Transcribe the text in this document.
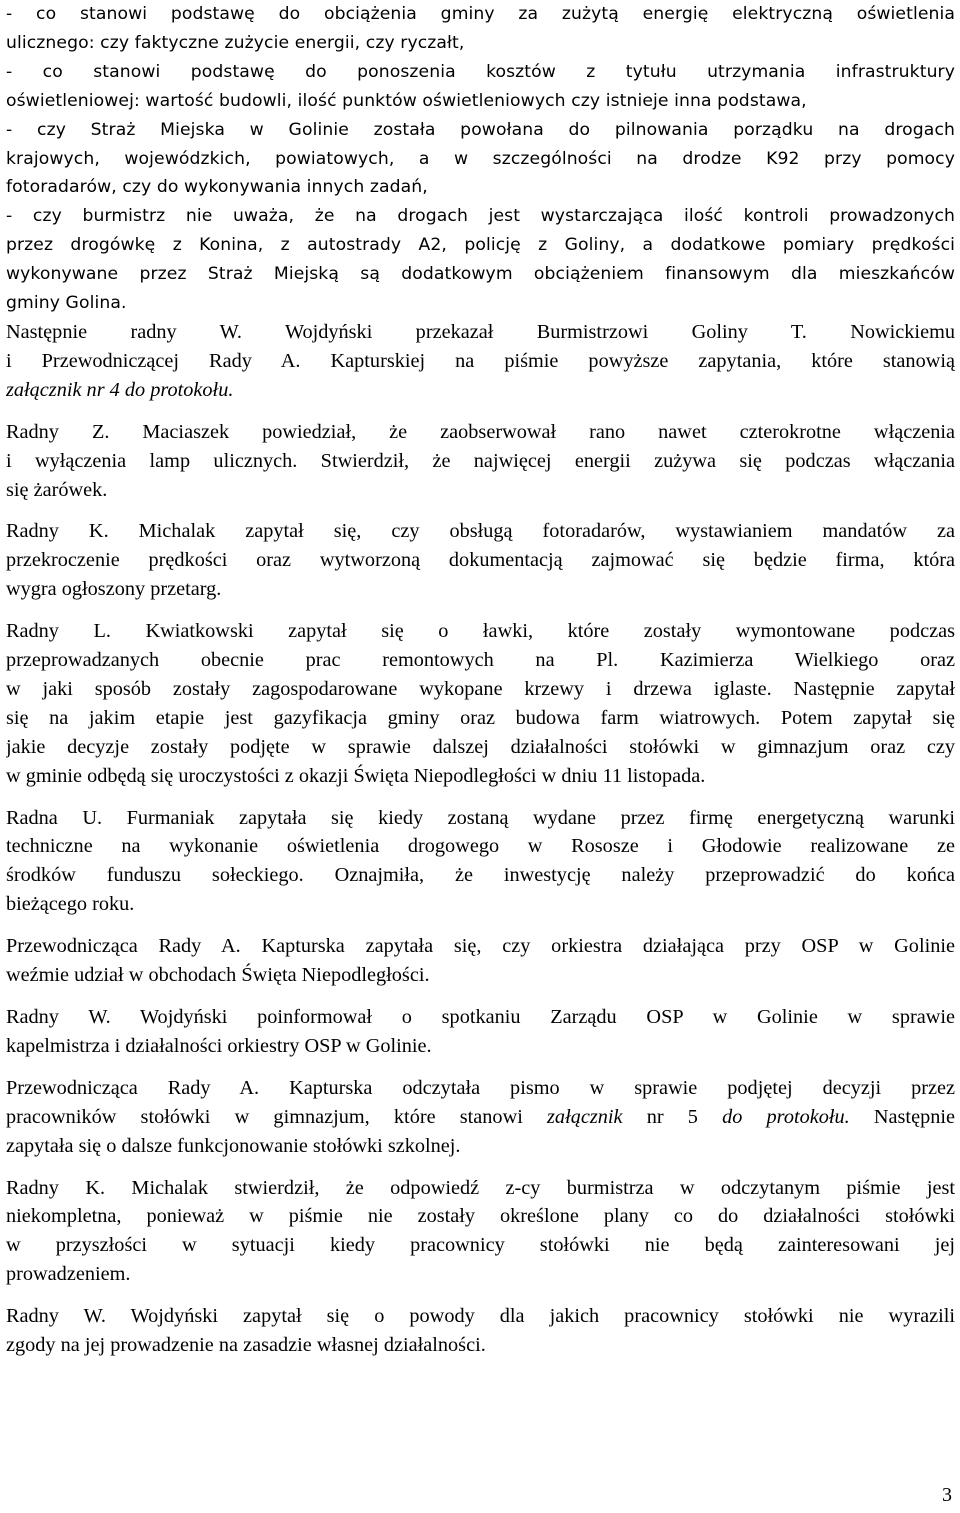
- co stanowi podstawę do obciążenia gminy za zużytą energię elektryczną oświetlenia
ulicznego: czy faktyczne zużycie energii, czy ryczałt,
- co stanowi podstawę do ponoszenia kosztów z tytułu utrzymania infrastruktury
oświetleniowej: wartość budowli, ilość punktów oświetleniowych czy istnieje inna podstawa,
- czy Straż Miejska w Golinie została powołana do pilnowania porządku na drogach
krajowych, wojewódzkich, powiatowych, a w szczególności na drodze K92 przy pomocy
fotoradarów, czy do wykonywania innych zadań,
- czy burmistrz nie uważa, że na drogach jest wystarczająca ilość kontroli prowadzonych
przez drogówkę z Konina, z autostrady A2, policję z Goliny, a dodatkowe pomiary prędkości
wykonywane przez Straż Miejską są dodatkowym obciążeniem finansowym dla mieszkańców
gminy Golina.
Następnie radny W. Wojdyński przekazał Burmistrzowi Goliny T. Nowickiemu
i Przewodniczącej Rady A. Kapturskiej na piśmie powyższe zapytania, które stanowią
załącznik nr 4 do protokołu.
Radny Z. Maciaszek powiedział, że zaobserwował rano nawet czterokrotne włączenia
i wyłączenia lamp ulicznych. Stwierdził, że najwięcej energii zużywa się podczas włączania
się żarówek.
Radny K. Michalak zapytał się, czy obsługą fotoradarów, wystawianiem mandatów za
przekroczenie prędkości oraz wytworzoną dokumentacją zajmować się będzie firma, która
wygra ogłoszony przetarg.
Radny L. Kwiatkowski zapytał się o ławki, które zostały wymontowane podczas
przeprowadzanych obecnie prac remontowych na Pl. Kazimierza Wielkiego oraz
w jaki sposób zostały zagospodarowane wykopane krzewy i drzewa iglaste. Następnie zapytał
się na jakim etapie jest gazyfikacja gminy oraz budowa farm wiatrowych. Potem zapytał się
jakie decyzje zostały podjęte w sprawie dalszej działalności stołówki w gimnazjum oraz czy
w gminie odbędą się uroczystości z okazji Święta Niepodległości w dniu 11 listopada.
Radna U. Furmaniak zapytała się kiedy zostaną wydane przez firmę energetyczną warunki
techniczne na wykonanie oświetlenia drogowego w Rososze i Głodowie realizowane ze
środków funduszu sołeckiego. Oznajmiła, że inwestycję należy przeprowadzić do końca
bieżącego roku.
Przewodnicząca Rady A. Kapturska zapytała się, czy orkiestra działająca przy OSP w Golinie
weźmie udział w obchodach Święta Niepodległości.
Radny W. Wojdyński poinformował o spotkaniu Zarządu OSP w Golinie w sprawie
kapelmistrza i działalności orkiestry OSP w Golinie.
Przewodnicząca Rady A. Kapturska odczytała pismo w sprawie podjętej decyzji przez
pracowników stołówki w gimnazjum, które stanowi załącznik nr 5 do protokołu. Następnie
zapytała się o dalsze funkcjonowanie stołówki szkolnej.
Radny K. Michalak stwierdził, że odpowiedź z-cy burmistrza w odczytanym piśmie jest
niekompletna, ponieważ w piśmie nie zostały określone plany co do działalności stołówki
w przyszłości w sytuacji kiedy pracownicy stołówki nie będą zainteresowani jej
prowadzeniem.
Radny W. Wojdyński zapytał się o powody dla jakich pracownicy stołówki nie wyrazili
zgody na jej prowadzenie na zasadzie własnej działalności.
3
